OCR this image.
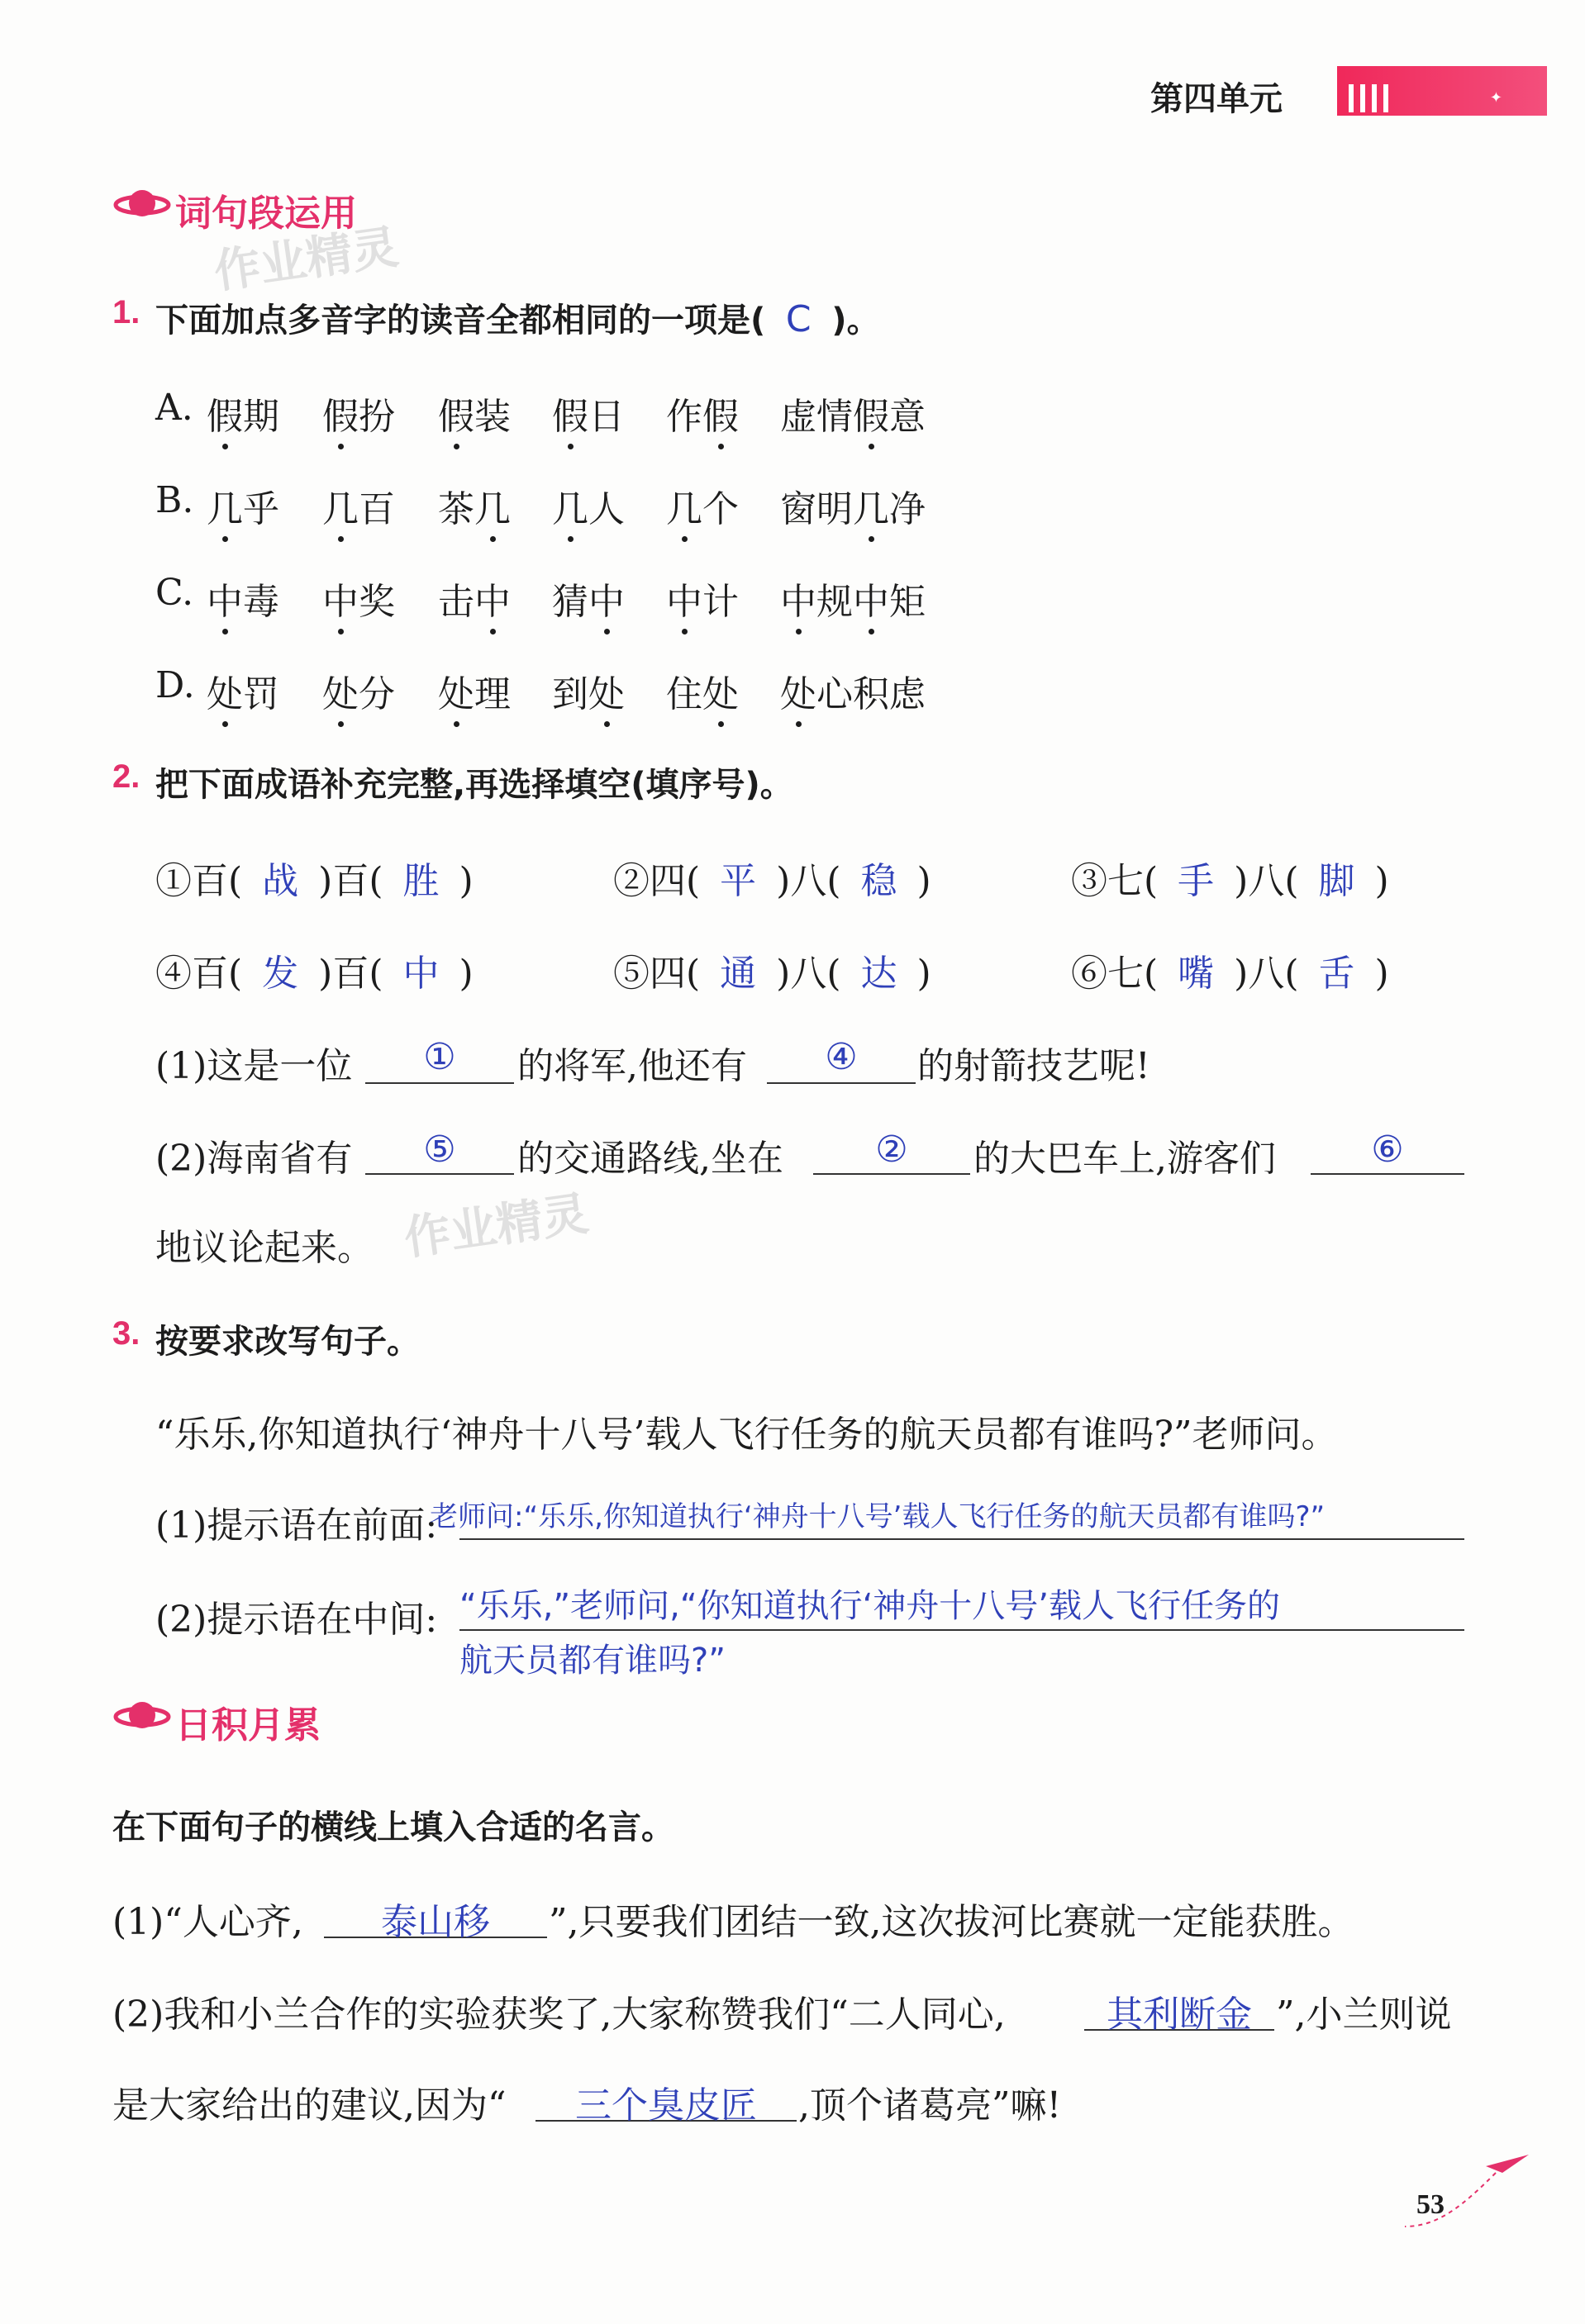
第四单元	✦
词句段运用
作业精灵
1. 下面加点多音字的读音全都相同的一项是( C )。
A. 假期 假扮 假装 假日 作假 虚情假意
B. 几乎 几百 茶几 几人 几个 窗明几净
C. 中毒 中奖 击中 猜中 中计 中规中矩
D. 处罚 处分 处理 到处 住处 处心积虑
2. 把下面成语补充完整,再选择填空(填序号)。
①百( 战 )百( 胜 )	②四( 平 )八( 稳 )	③七( 手 )八( 脚 )
④百( 发 )百( 中 )	⑤四( 通 )八( 达 )	⑥七( 嘴 )八( 舌 )
(1)这是一位	①	的将军,他还有	④	的射箭技艺呢!
(2)海南省有	⑤	的交通路线,坐在	②	的大巴车上,游客们	⑥
地议论起来。 作业精灵
3. 按要求改写句子。
“乐乐,你知道执行‘神舟十八号’载人飞行任务的航天员都有谁吗?”老师问。
(1)提示语在前面:
老师问:“乐乐,你知道执行‘神舟十八号’载人飞行任务的航天员都有谁吗?”
(2)提示语在中间: “乐乐,”老师问,“你知道执行‘神舟十八号’载人飞行任务的
航天员都有谁吗?”
日积月累
在下面句子的横线上填入合适的名言。
(1)“人心齐,	泰山移	”,只要我们团结一致,这次拔河比赛就一定能获胜。
(2)我和小兰合作的实验获奖了,大家称赞我们“二人同心,	其利断金 ”,小兰则说
是大家给出的建议,因为“	三个臭皮匠	,顶个诸葛亮”嘛!
53
